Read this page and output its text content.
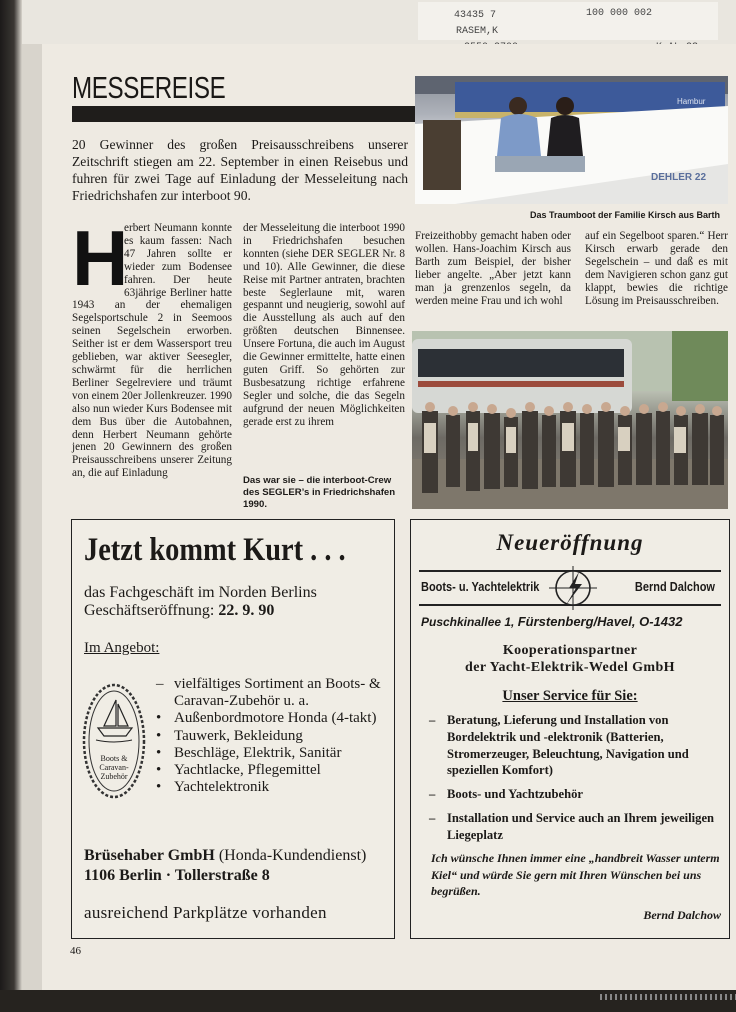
43435 7	100 000 002
RASEM,K
MESSEREISE
DEHLER 22
Hambur
Das Traumboot der Familie Kirsch aus Barth
20 Gewinner des großen Preisausschreibens unserer Zeitschrift stiegen am 22. September in einen Reisebus und fuhren für zwei Tage auf Einladung der Messeleitung nach Friedrichshafen zur interboot 90.
H
erbert Neumann konnte es kaum fassen: Nach 47 Jahren sollte er wieder zum Bodensee fahren. Der heute 63jährige Berliner hatte 1943 an der ehemaligen Segelsportschule 2 in Seemoos seinen Segelschein erworben. Seither ist er dem Wassersport treu geblieben, war aktiver Seesegler, schwärmt für die herrlichen Berliner Segelreviere und träumt von einem 20er Jollenkreuzer. 1990 also nun wieder Kurs Bodensee mit dem Bus über die Autobahnen, denn Herbert Neumann gehörte jenen 20 Gewinnern des großen Preisausschreibens unserer Zeitung an, die auf Einladung
der Messeleitung die interboot 1990 in Friedrichshafen besuchen konnten (siehe DER SEGLER Nr. 8 und 10). Alle Gewinner, die diese Reise mit Partner antraten, brachten beste Seglerlaune mit, waren gespannt und neugierig, sowohl auf die Ausstellung als auch auf den größten deutschen Binnensee. Unsere Fortuna, die auch im August die Gewinner ermittelte, hatte einen guten Griff. So gehörten zur Busbesatzung richtige erfahrene Segler und solche, die das Segeln aufgrund der neuen Möglichkeiten gerade erst zu ihrem
Das war sie – die interboot-Crew des SEGLER’s in Friedrichshafen 1990.
Freizeithobby gemacht haben oder wollen. Hans-Joachim Kirsch aus Barth zum Beispiel, der bisher lieber angelte. „Aber jetzt kann man ja grenzenlos segeln, da werden meine Frau und ich wohl
auf ein Segelboot sparen.“ Herr Kirsch erwarb gerade den Segelschein – und daß es mit dem Navigieren schon ganz gut klappt, bewies die richtige Lösung im Preisausschreiben.
Jetzt kommt Kurt . . .
das Fachgeschäft im Norden Berlins
Geschäftseröffnung: 22. 9. 90
Im Angebot:
Boots & Caravan-Zubehör
– vielfältiges Sortiment an Boots- & Caravan-Zubehör u. a.
• Außenbordmotore Honda (4-takt)
• Tauwerk, Bekleidung
• Beschläge, Elektrik, Sanitär
• Yachtlacke, Pflegemittel
• Yachtelektronik
Brüsehaber GmbH (Honda-Kundendienst)
1106 Berlin · Tollerstraße 8
ausreichend Parkplätze vorhanden
Neueröffnung
Boots- u. Yachtelektrik	Bernd Dalchow
Puschkinallee 1, Fürstenberg/Havel, O-1432
Kooperationspartner
der Yacht-Elektrik-Wedel GmbH
Unser Service für Sie:
– Beratung, Lieferung und Installation von Bordelektrik und -elektronik (Batterien, Stromerzeuger, Beleuchtung, Navigation und speziellen Komfort)
– Boots- und Yachtzubehör
– Installation und Service auch an Ihrem jeweiligen Liegeplatz
Ich wünsche Ihnen immer eine „handbreit Wasser unterm Kiel“ und würde Sie gern mit Ihren Wünschen bei uns begrüßen.
Bernd Dalchow
46
